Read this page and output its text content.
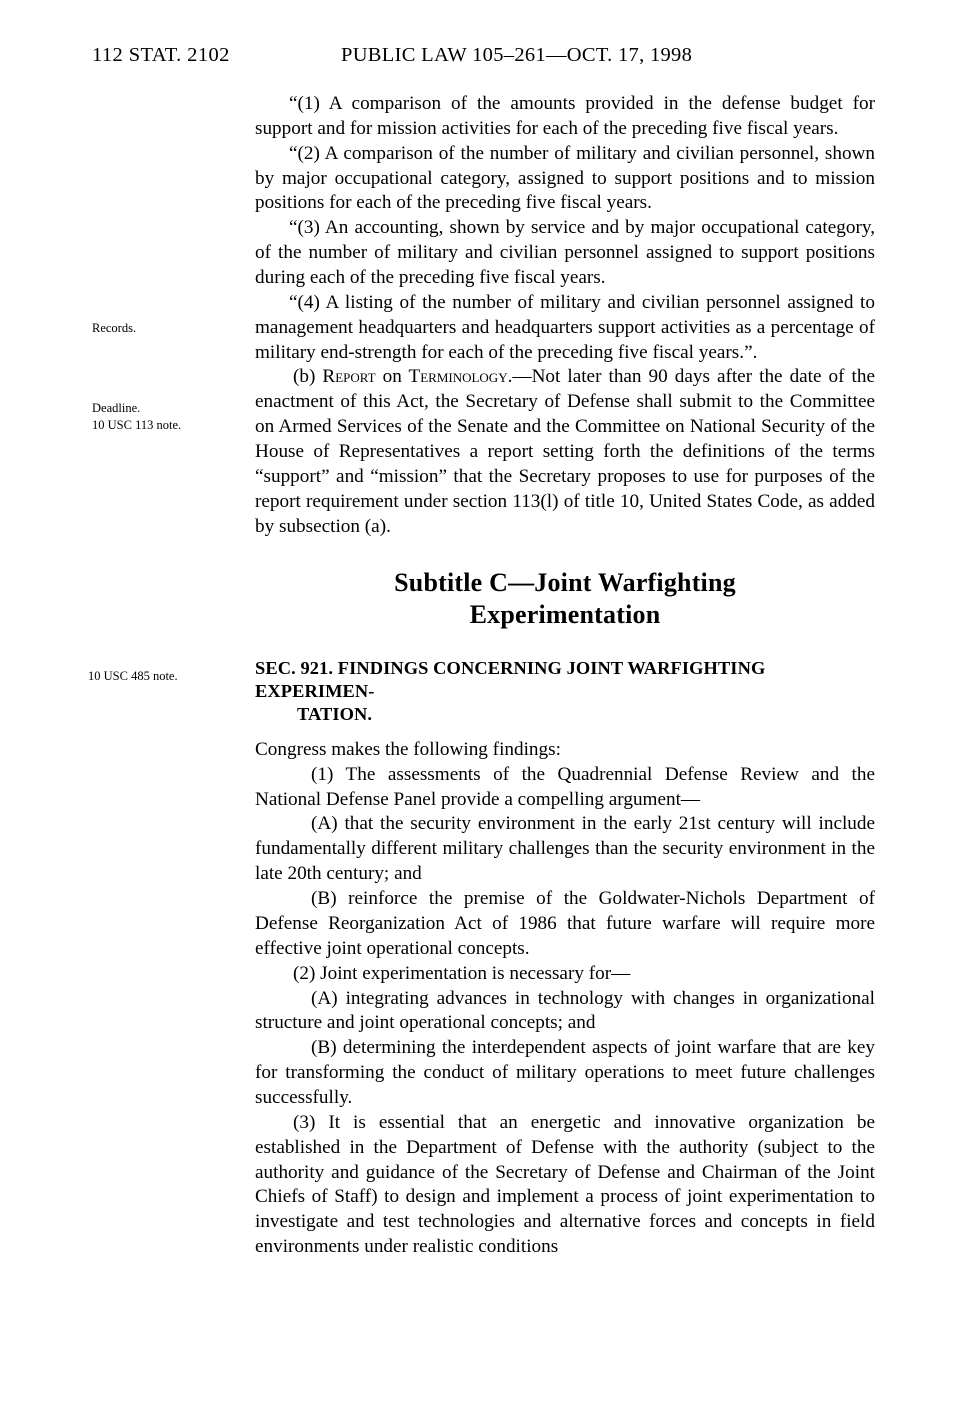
112 STAT. 2102	PUBLIC LAW 105–261—OCT. 17, 1998
Records.
Deadline.
10 USC 113 note.
10 USC 485 note.

“(1) A comparison of the amounts provided in the defense budget for support and for mission activities for each of the preceding five fiscal years.

“(2) A comparison of the number of military and civilian personnel, shown by major occupational category, assigned to support positions and to mission positions for each of the preceding five fiscal years.

“(3) An accounting, shown by service and by major occupational category, of the number of military and civilian personnel assigned to support positions during each of the preceding five fiscal years.

“(4) A listing of the number of military and civilian personnel assigned to management headquarters and headquarters support activities as a percentage of military end-strength for each of the preceding five fiscal years.”.

(b) Report on Terminology.—Not later than 90 days after the date of the enactment of this Act, the Secretary of Defense shall submit to the Committee on Armed Services of the Senate and the Committee on National Security of the House of Representatives a report setting forth the definitions of the terms “support” and “mission” that the Secretary proposes to use for purposes of the report requirement under section 113(l) of title 10, United States Code, as added by subsection (a).

Subtitle C—Joint Warfighting
Experimentation
SEC. 921. FINDINGS CONCERNING JOINT WARFIGHTING EXPERIMEN-
TATION.

Congress makes the following findings:

(1) The assessments of the Quadrennial Defense Review and the National Defense Panel provide a compelling argument—

(A) that the security environment in the early 21st century will include fundamentally different military challenges than the security environment in the late 20th century; and

(B) reinforce the premise of the Goldwater-Nichols Department of Defense Reorganization Act of 1986 that future warfare will require more effective joint operational concepts.

(2) Joint experimentation is necessary for—

(A) integrating advances in technology with changes in organizational structure and joint operational concepts; and

(B) determining the interdependent aspects of joint warfare that are key for transforming the conduct of military operations to meet future challenges successfully.

(3) It is essential that an energetic and innovative organization be established in the Department of Defense with the authority (subject to the authority and guidance of the Secretary of Defense and Chairman of the Joint Chiefs of Staff) to design and implement a process of joint experimentation to investigate and test technologies and alternative forces and concepts in field environments under realistic conditions
